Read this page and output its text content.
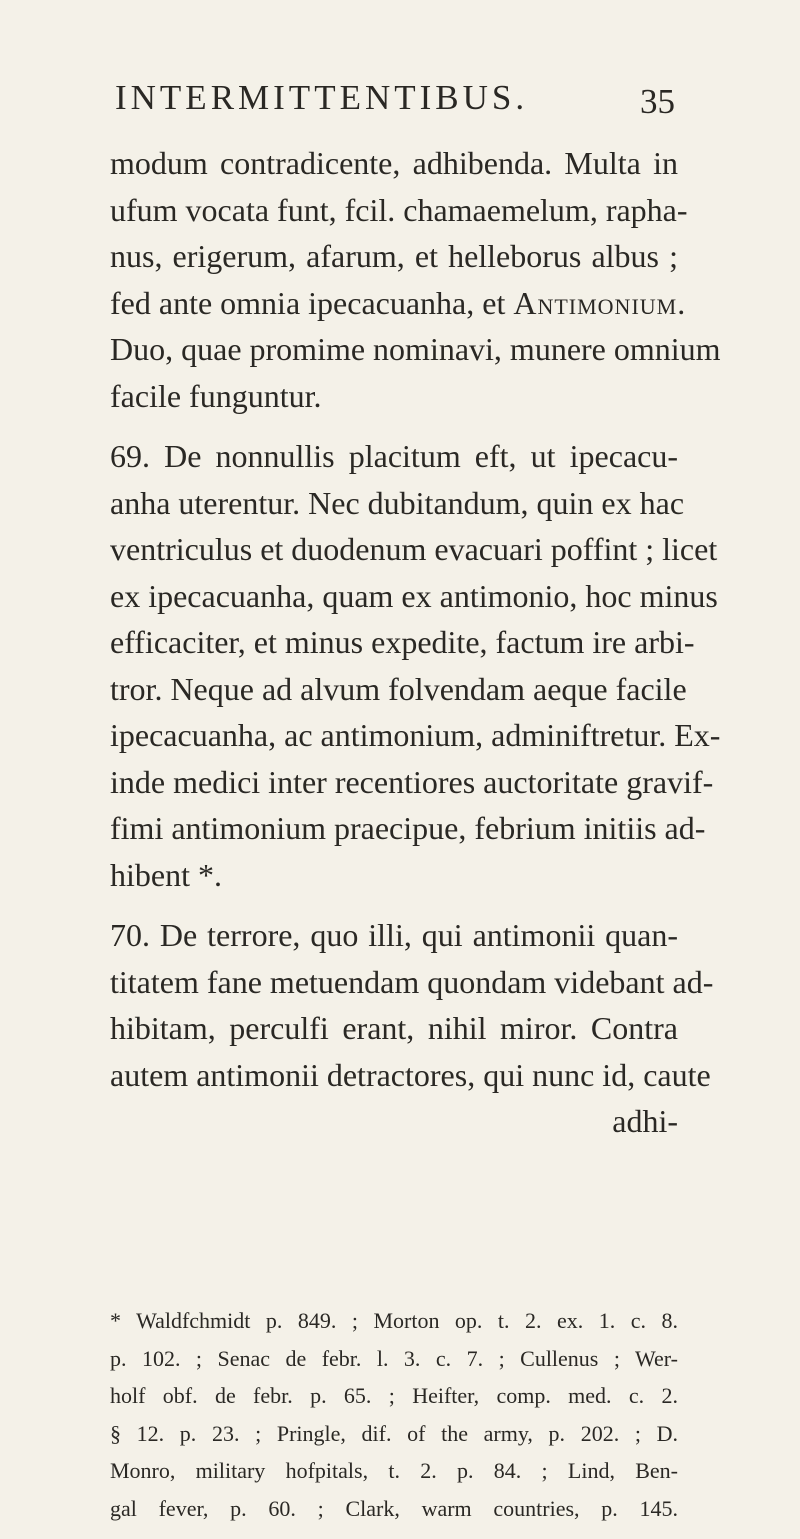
INTERMITTENTIBUS.	35
modum contradicente, adhibenda. Multa in
ufum vocata funt, fcil. chamaemelum, rapha-
nus, erigerum, afarum, et helleborus albus ;
fed ante omnia ipecacuanha, et Antimonium.
Duo, quae promime nominavi, munere omnium
facile funguntur.
69. De nonnullis placitum eft, ut ipecacu-
anha uterentur. Nec dubitandum, quin ex hac
ventriculus et duodenum evacuari poffint ; licet
ex ipecacuanha, quam ex antimonio, hoc minus
efficaciter, et minus expedite, factum ire arbi-
tror. Neque ad alvum folvendam aeque facile
ipecacuanha, ac antimonium, adminiftretur. Ex-
inde medici inter recentiores auctoritate gravif-
fimi antimonium praecipue, febrium initiis ad-
hibent *.
70. De terrore, quo illi, qui antimonii quan-
titatem fane metuendam quondam videbant ad-
hibitam, perculfi erant, nihil miror. Contra
autem antimonii detractores, qui nunc id, caute
adhi-
* Waldfchmidt p. 849. ; Morton op. t. 2. ex. 1. c. 8.
p. 102. ; Senac de febr. l. 3. c. 7. ; Cullenus ; Wer-
holf obf. de febr. p. 65. ; Heifter, comp. med. c. 2.
§ 12. p. 23. ; Pringle, dif. of the army, p. 202. ; D.
Monro, military hofpitals, t. 2. p. 84. ; Lind, Ben-
gal fever, p. 60. ; Clark, warm countries, p. 145.
